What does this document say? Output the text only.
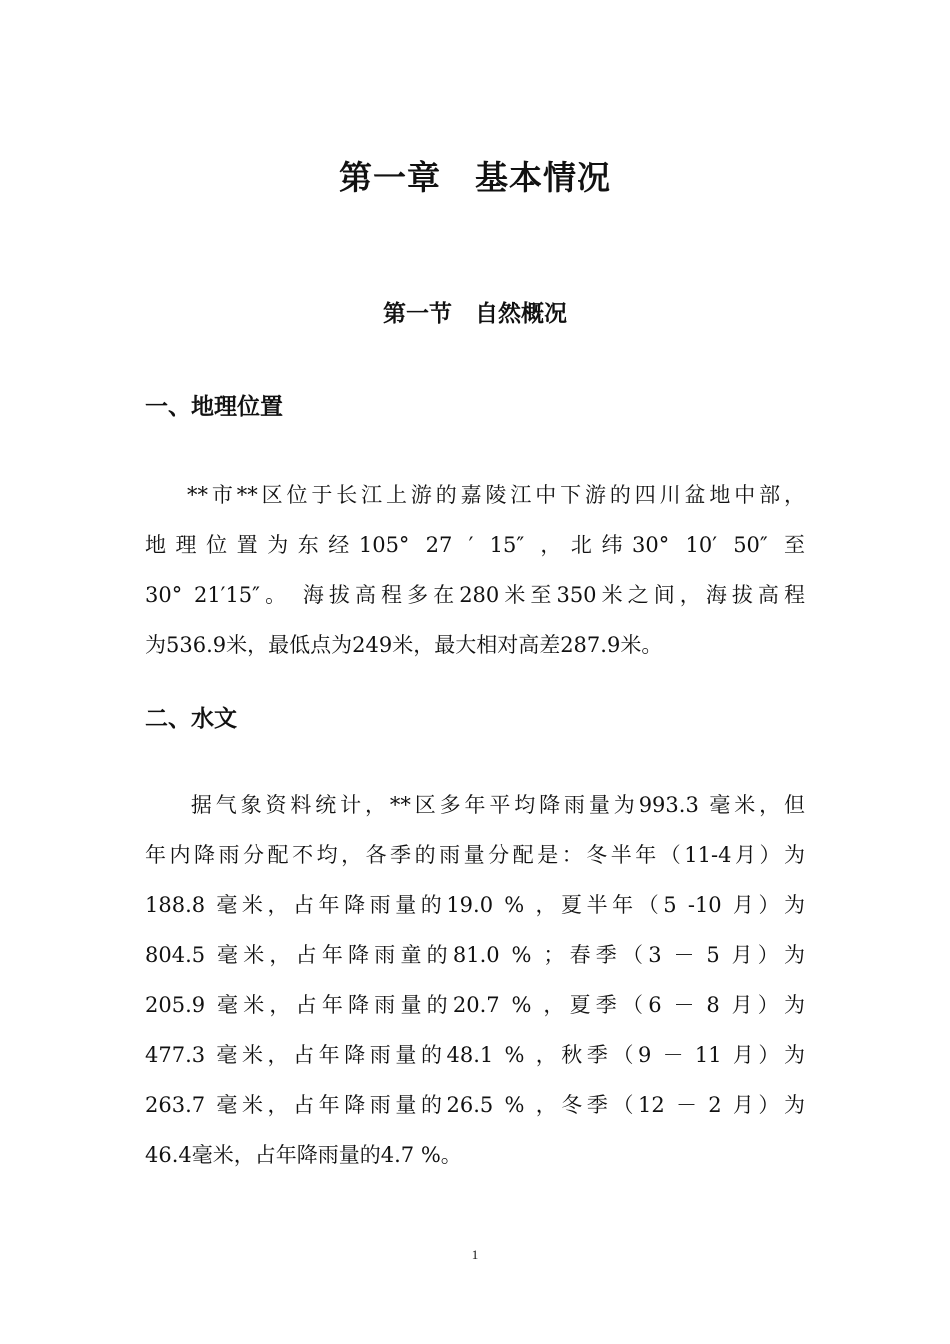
第一章　基本情况
第一节　自然概况
一、地理位置
**市**区位于长江上游的嘉陵江中下游的四川盆地中部，
地理位置为东经105° 27 ′ 15″ ，北纬30° 10′ 50″ 至
30° 21′15″。 海拔高程多在280米至350米之间，海拔高程
为536.9米，最低点为249米，最大相对高差287.9米。
二、水文
据气象资料统计，**区多年平均降雨量为993.3 毫米，但
年内降雨分配不均，各季的雨量分配是：冬半年（11-4月）为
188.8 毫米，占年降雨量的19.0 % ，夏半年（5 -10 月）为
804.5 毫米，占年降雨童的81.0 % ；春季（3 － 5 月）为
205.9 毫米，占年降雨量的20.7 % ，夏季（6 － 8 月）为
477.3 毫米，占年降雨量的48.1 % ，秋季（9 － 11 月）为
263.7 毫米，占年降雨量的26.5 % ，冬季（12 － 2 月）为
46.4毫米，占年降雨量的4.7 %。
1
